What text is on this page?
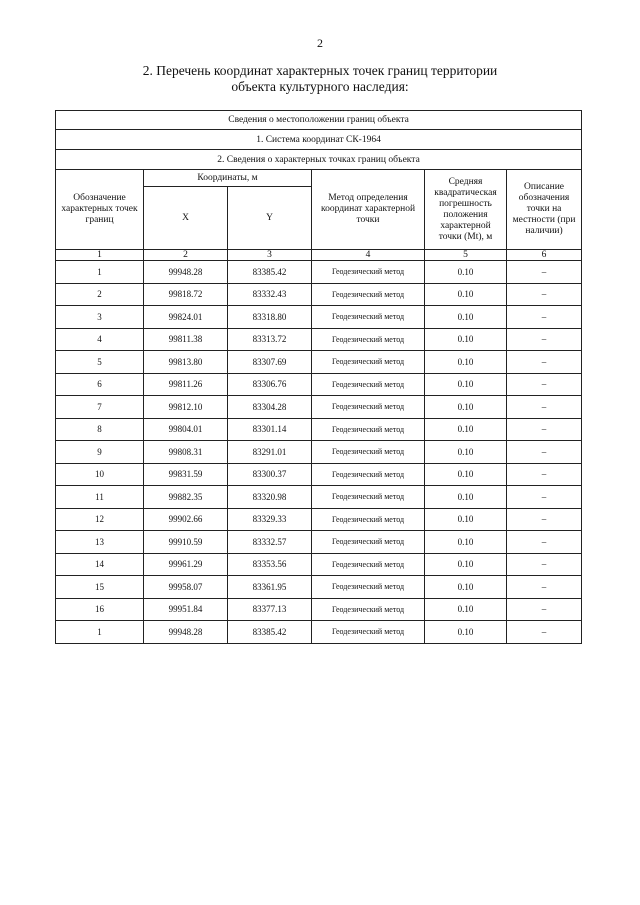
2
2. Перечень координат характерных точек границ территории
объекта культурного наследия:
Сведения о местоположении границ объекта					
1. Система координат СК-1964					
2. Сведения о характерных точках границ объекта					
Обозначение характерных точек границ	Координаты, м		Метод определения координат характерной точки	Средняя квадратическая погрешность положения характерной
точки (Mt), м	Описание обозначения точки на местности (при наличии)
	X	Y			
1	2	3	4	5	6
1	99948.28	83385.42	Геодезический метод	0.10	–
2	99818.72	83332.43	Геодезический метод	0.10	–
3	99824.01	83318.80	Геодезический метод	0.10	–
4	99811.38	83313.72	Геодезический метод	0.10	–
5	99813.80	83307.69	Геодезический метод	0.10	–
6	99811.26	83306.76	Геодезический метод	0.10	–
7	99812.10	83304.28	Геодезический метод	0.10	–
8	99804.01	83301.14	Геодезический метод	0.10	–
9	99808.31	83291.01	Геодезический метод	0.10	–
10	99831.59	83300.37	Геодезический метод	0.10	–
11	99882.35	83320.98	Геодезический метод	0.10	–
12	99902.66	83329.33	Геодезический метод	0.10	–
13	99910.59	83332.57	Геодезический метод	0.10	–
14	99961.29	83353.56	Геодезический метод	0.10	–
15	99958.07	83361.95	Геодезический метод	0.10	–
16	99951.84	83377.13	Геодезический метод	0.10	–
1	99948.28	83385.42	Геодезический метод	0.10	–
